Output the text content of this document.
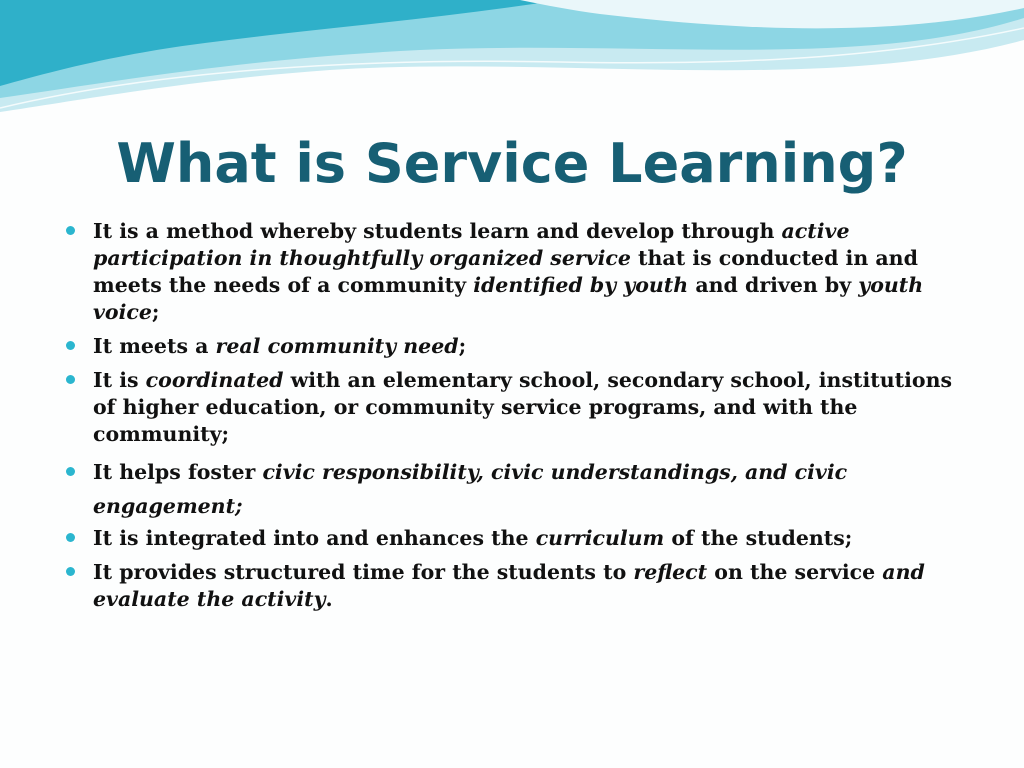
What is Service Learning?
It is a method whereby students learn and develop through active participation in thoughtfully organized service that is conducted in and meets the needs of a community identified by youth and driven by youth voice;
It meets a real community need;
It is coordinated with an elementary school, secondary school, institutions of higher education, or community service programs, and with the community;
It helps foster civic responsibility, civic understandings, and civic engagement;
It is integrated into and enhances the curriculum of the students;
It provides structured time for the students to reflect on the service and evaluate the activity.
